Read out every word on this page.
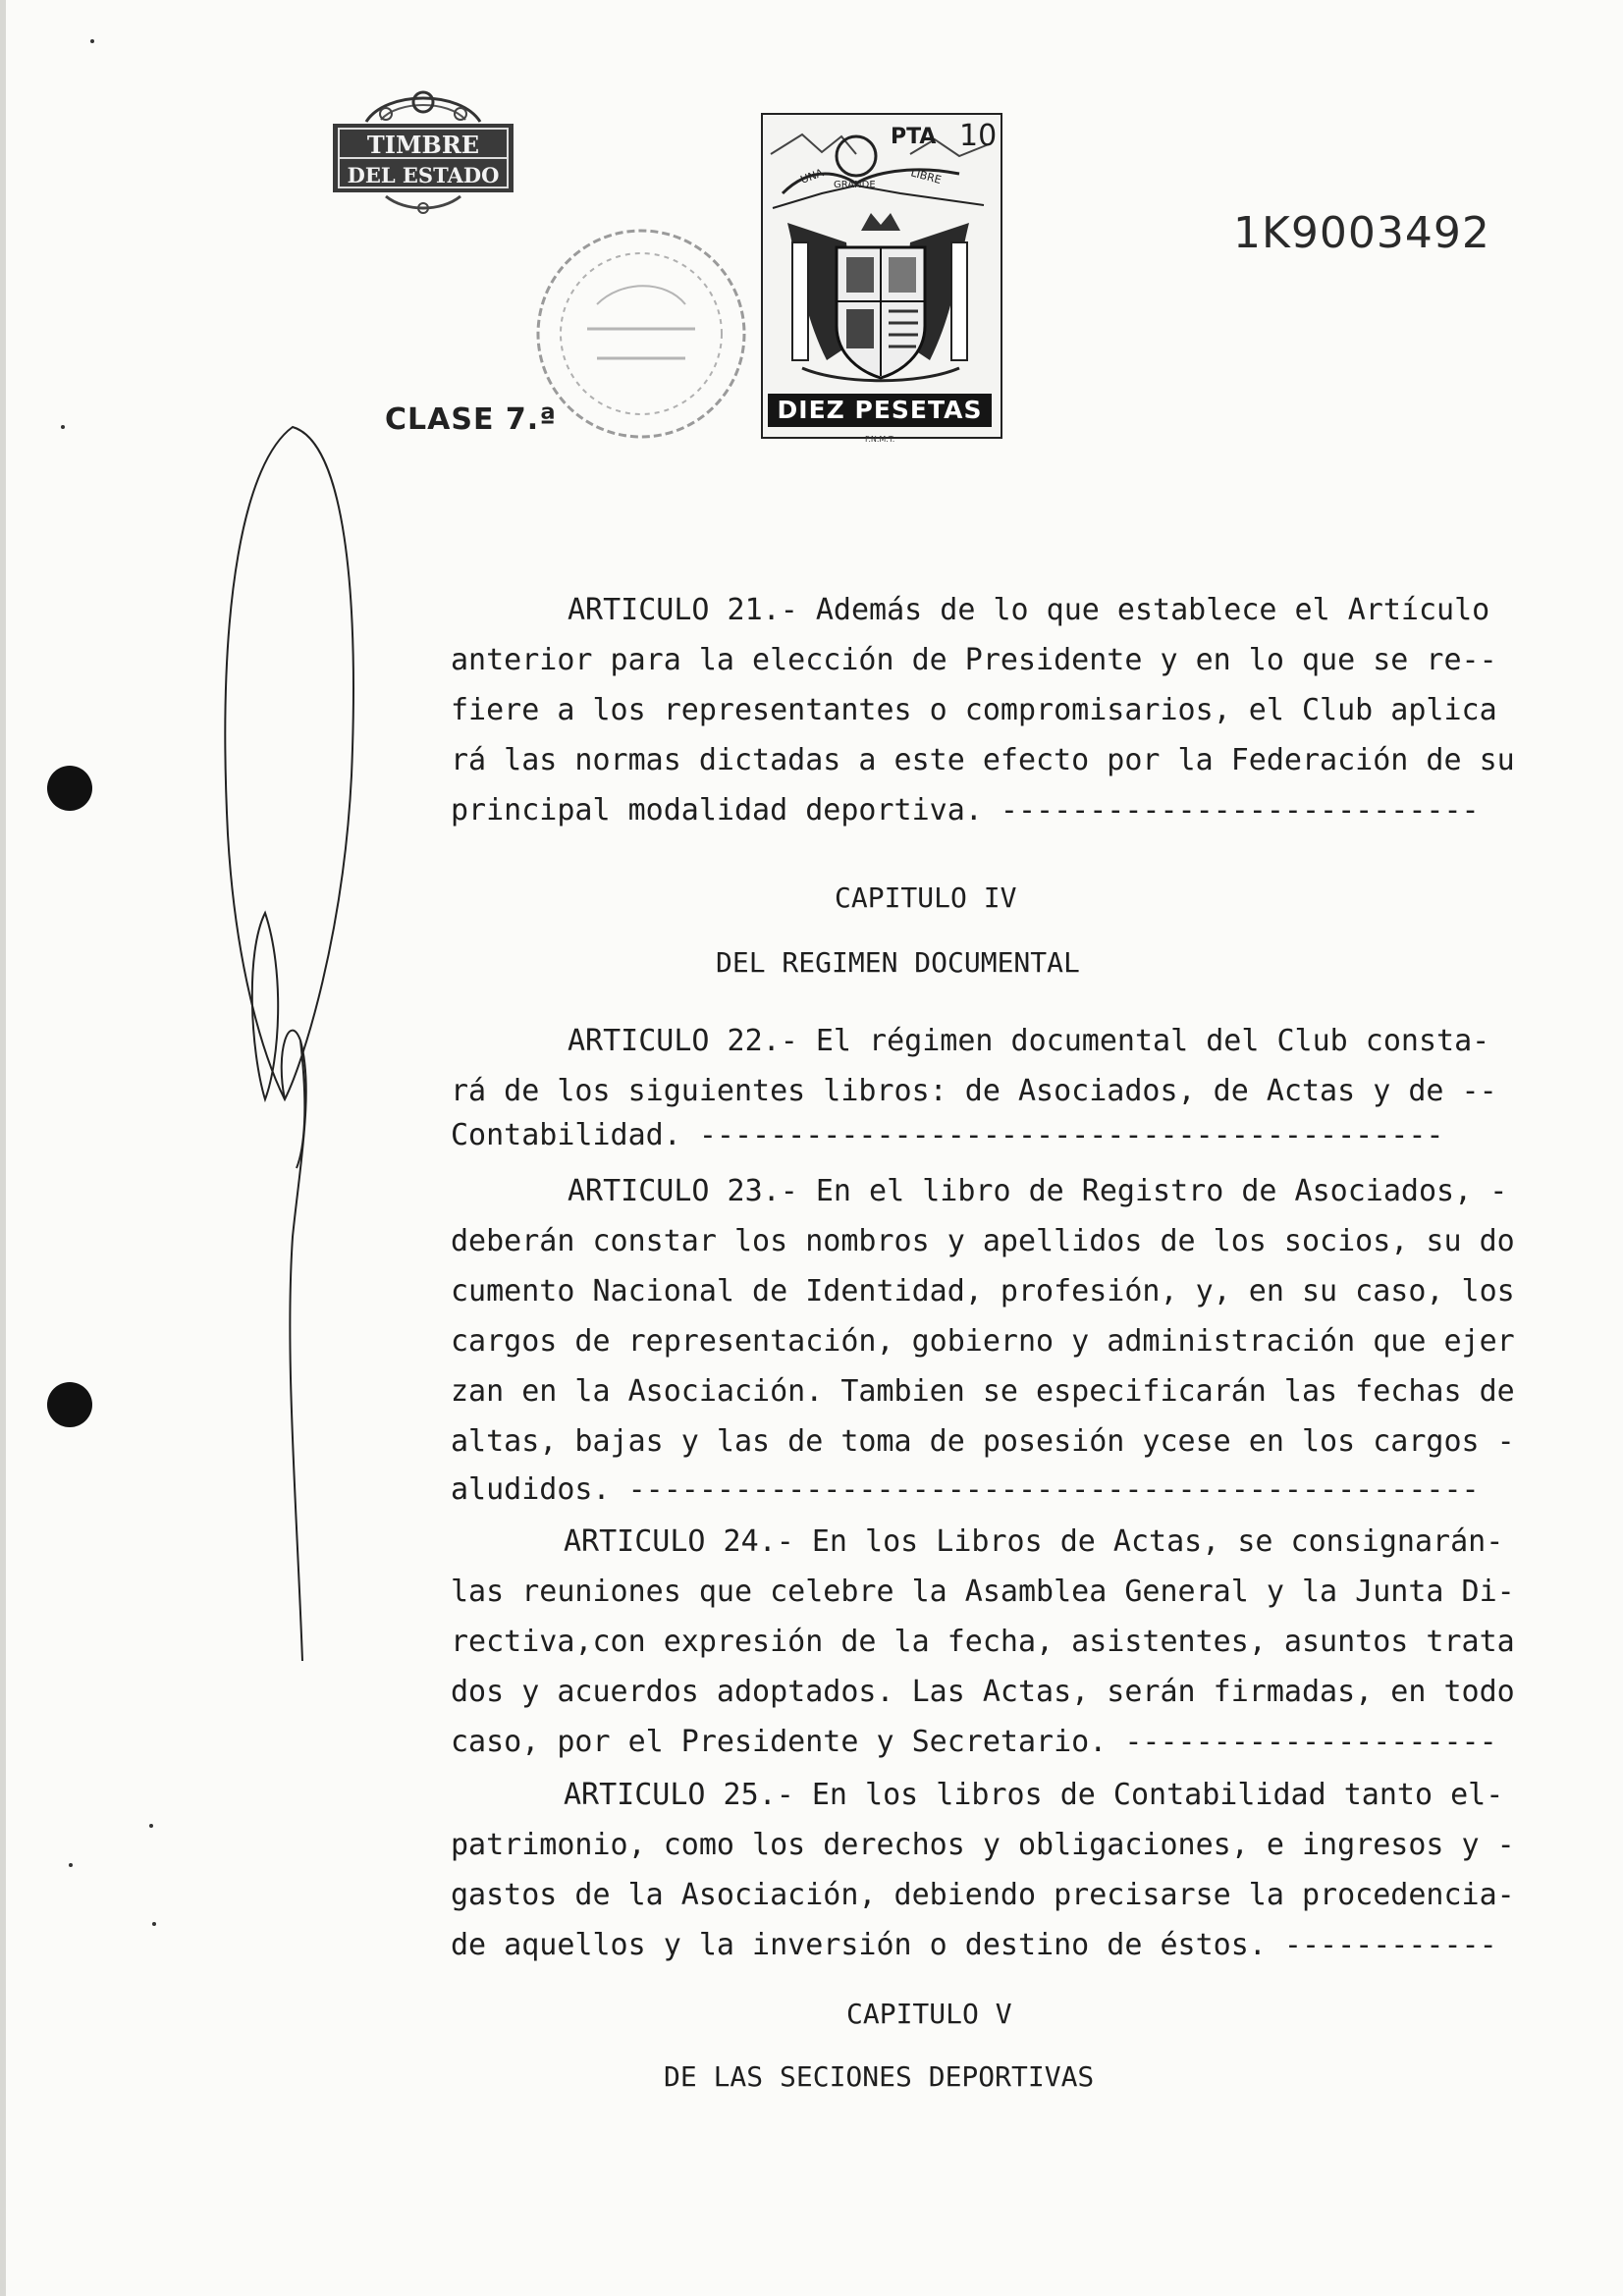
TIMBRE
DEL ESTADO
CLASE 7.ª
UNA GRANDE	LIBRE
PTA 10
DIEZ PESETAS
F.N.M.T.
1K9003492
ARTICULO 21.- Además de lo que establece el Artículo
anterior para la elección de Presidente y en lo que se re--
fiere a los representantes o compromisarios, el Club aplica
rá las normas dictadas a este efecto por la Federación de su
principal modalidad deportiva. ---------------------------
CAPITULO IV
DEL REGIMEN DOCUMENTAL
ARTICULO 22.- El régimen documental del Club consta-
rá de los siguientes libros: de Asociados, de Actas y de --
Contabilidad. ------------------------------------------
ARTICULO 23.- En el libro de Registro de Asociados, -
deberán constar los nombros y apellidos de los socios, su do
cumento Nacional de Identidad, profesión, y, en su caso, los
cargos de representación, gobierno y administración que ejer
zan en la Asociación. Tambien se especificarán las fechas de
altas, bajas y las de toma de posesión ycese en los cargos -
aludidos. ------------------------------------------------
ARTICULO 24.- En los Libros de Actas, se consignarán-
las reuniones que celebre la Asamblea General y la Junta Di-
rectiva,con expresión de la fecha, asistentes, asuntos trata
dos y acuerdos adoptados. Las Actas, serán firmadas, en todo
caso, por el Presidente y Secretario. ---------------------
ARTICULO 25.- En los libros de Contabilidad tanto el-
patrimonio, como los derechos y obligaciones, e ingresos y -
gastos de la Asociación, debiendo precisarse la procedencia-
de aquellos y la inversión o destino de éstos. ------------
CAPITULO V
DE LAS SECIONES DEPORTIVAS
